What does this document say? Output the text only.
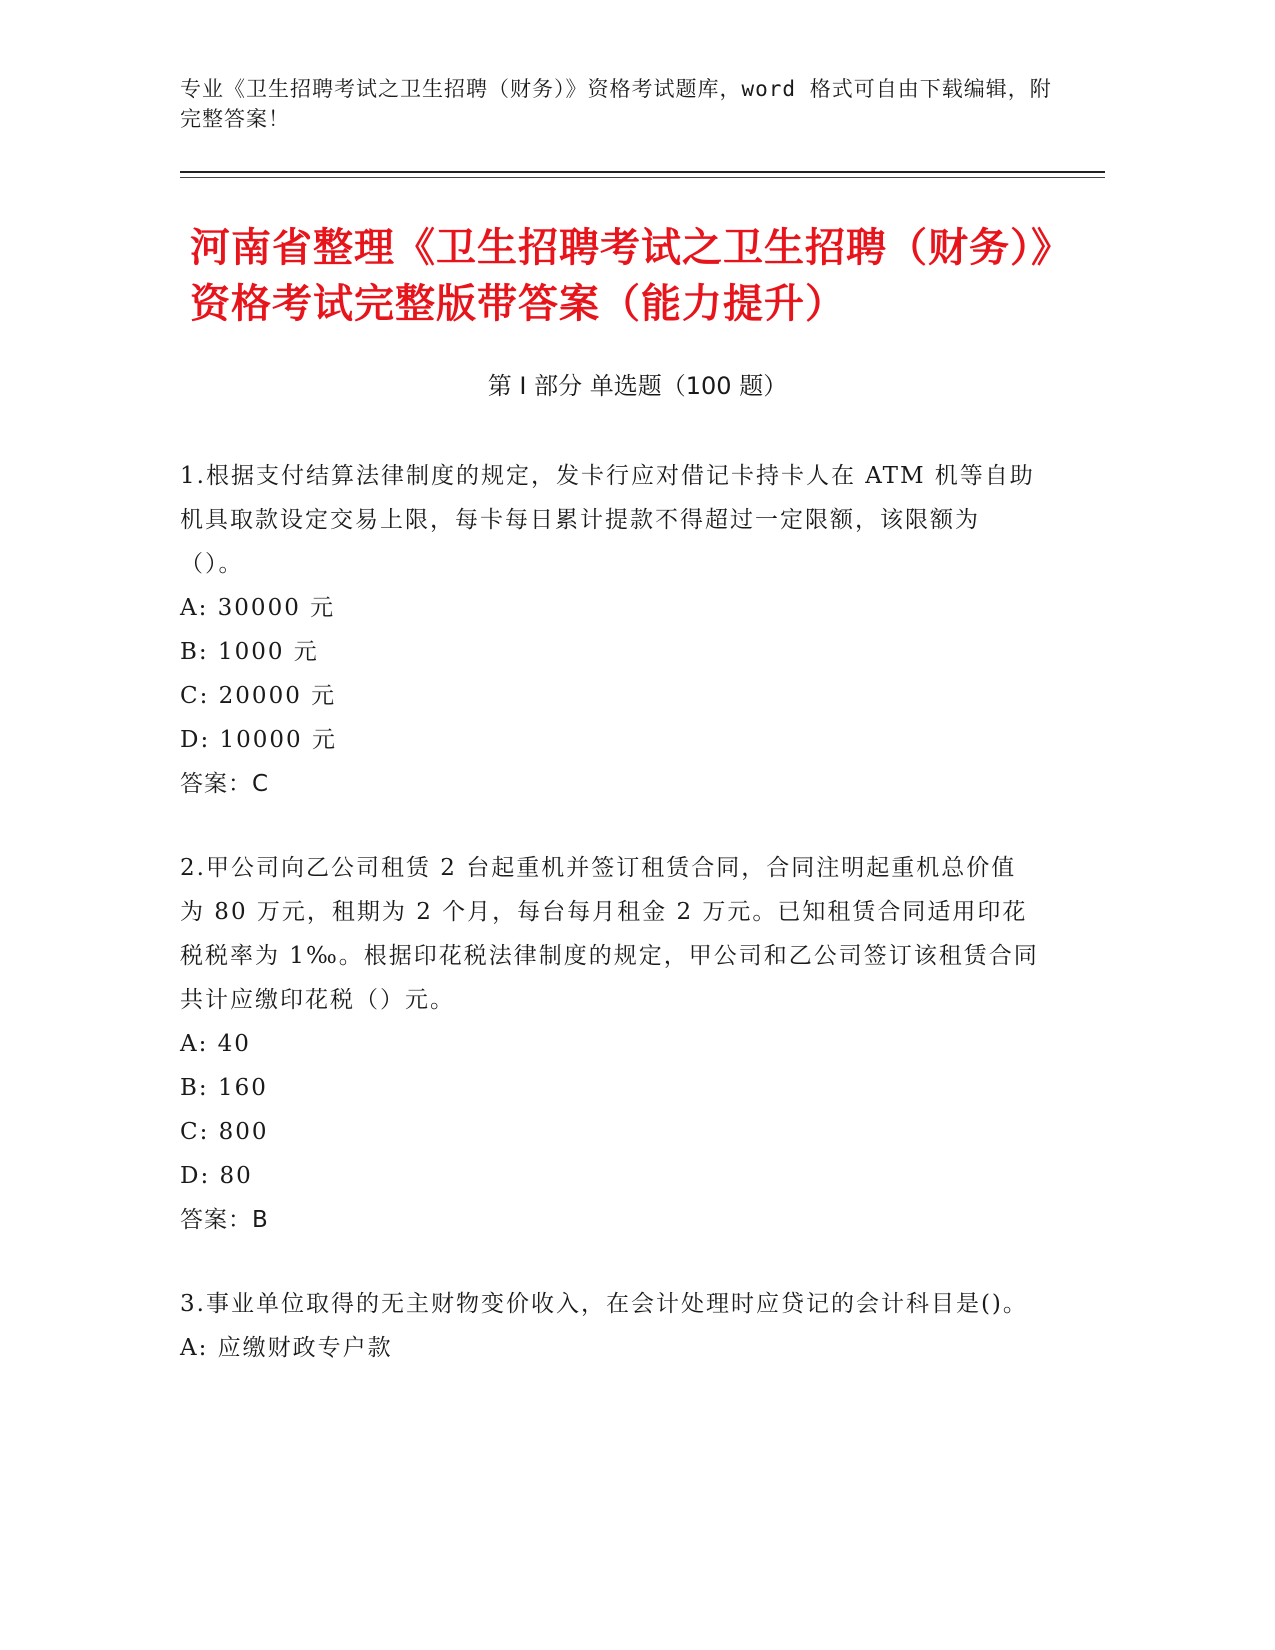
专业《卫生招聘考试之卫生招聘（财务）》资格考试题库，word 格式可自由下载编辑，附完整答案！
河南省整理《卫生招聘考试之卫生招聘（财务）》资格考试完整版带答案（能力提升）
第 I 部分 单选题（100 题）

1.根据支付结算法律制度的规定，发卡行应对借记卡持卡人在 ATM 机等自助机具取款设定交易上限，每卡每日累计提款不得超过一定限额，该限额为（）。

A: 30000 元

B: 1000 元

C: 20000 元

D: 10000 元

答案：C

2.甲公司向乙公司租赁 2 台起重机并签订租赁合同，合同注明起重机总价值为 80 万元，租期为 2 个月，每台每月租金 2 万元。已知租赁合同适用印花税税率为 1‰。根据印花税法律制度的规定，甲公司和乙公司签订该租赁合同共计应缴印花税（）元。

A: 40

B: 160

C: 800

D: 80

答案：B

3.事业单位取得的无主财物变价收入，在会计处理时应贷记的会计科目是()。

A: 应缴财政专户款
